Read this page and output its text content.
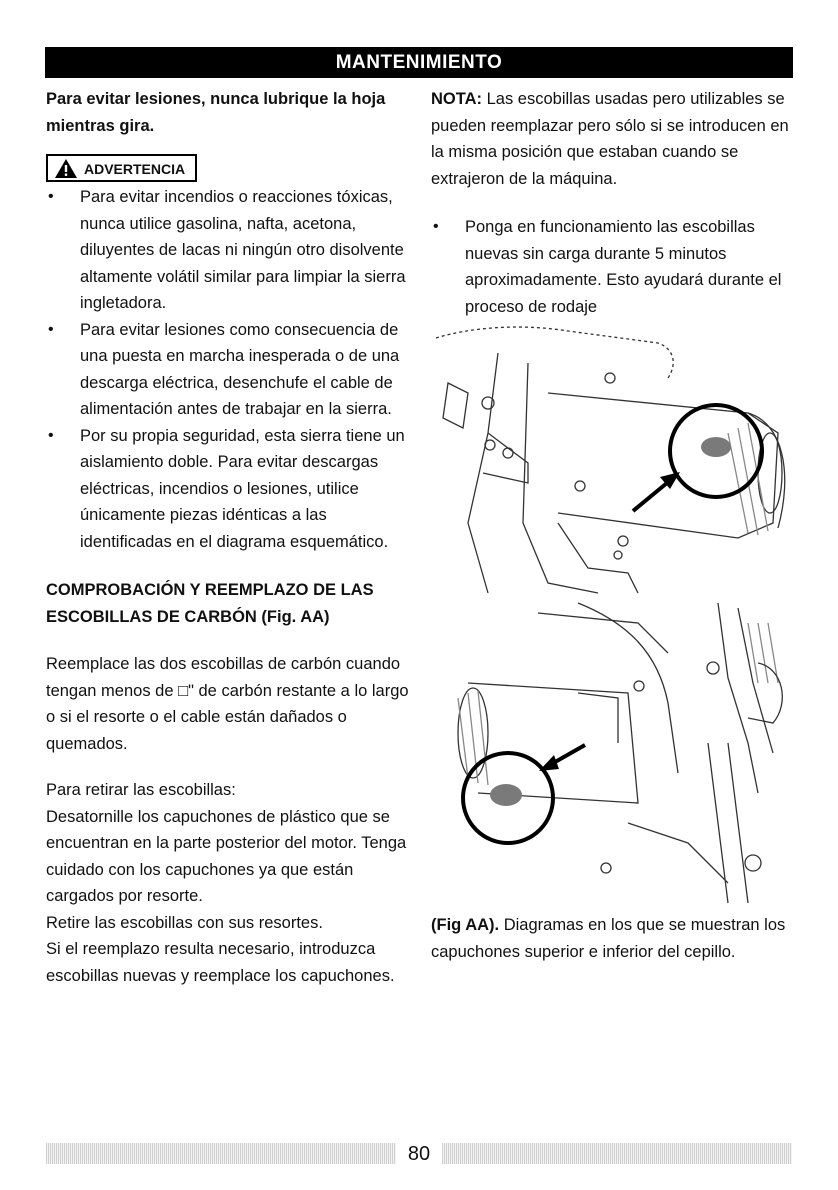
MANTENIMIENTO
Para evitar lesiones, nunca lubrique la hoja mientras gira.
ADVERTENCIA
• Para evitar incendios o reacciones tóxicas, nunca utilice gasolina, nafta, acetona, diluyentes de lacas ni ningún otro disolvente altamente volátil similar para limpiar la sierra ingletadora.
• Para evitar lesiones como consecuencia de una puesta en marcha inesperada o de una descarga eléctrica, desenchufe el cable de alimentación antes de trabajar en la sierra.
• Por su propia seguridad, esta sierra tiene un aislamiento doble. Para evitar descargas eléctricas, incendios o lesiones, utilice únicamente piezas idénticas a las identificadas en el diagrama esquemático.
COMPROBACIÓN Y REEMPLAZO DE LAS ESCOBILLAS DE CARBÓN (Fig. AA)
Reemplace las dos escobillas de carbón cuando tengan menos de □" de carbón restante a lo largo o si el resorte o el cable están dañados o quemados.
Para retirar las escobillas:
Desatornille los capuchones de plástico que se encuentran en la parte posterior del motor. Tenga cuidado con los capuchones ya que están cargados por resorte.
Retire las escobillas con sus resortes.
Si el reemplazo resulta necesario, introduzca escobillas nuevas y reemplace los capuchones.
NOTA: Las escobillas usadas pero utilizables se pueden reemplazar pero sólo si se introducen en la misma posición que estaban cuando se extrajeron de la máquina.
• Ponga en funcionamiento las escobillas nuevas sin carga durante 5 minutos aproximadamente. Esto ayudará durante el proceso de rodaje
(Fig AA). Diagramas en los que se muestran los capuchones superior e inferior del cepillo.
80
